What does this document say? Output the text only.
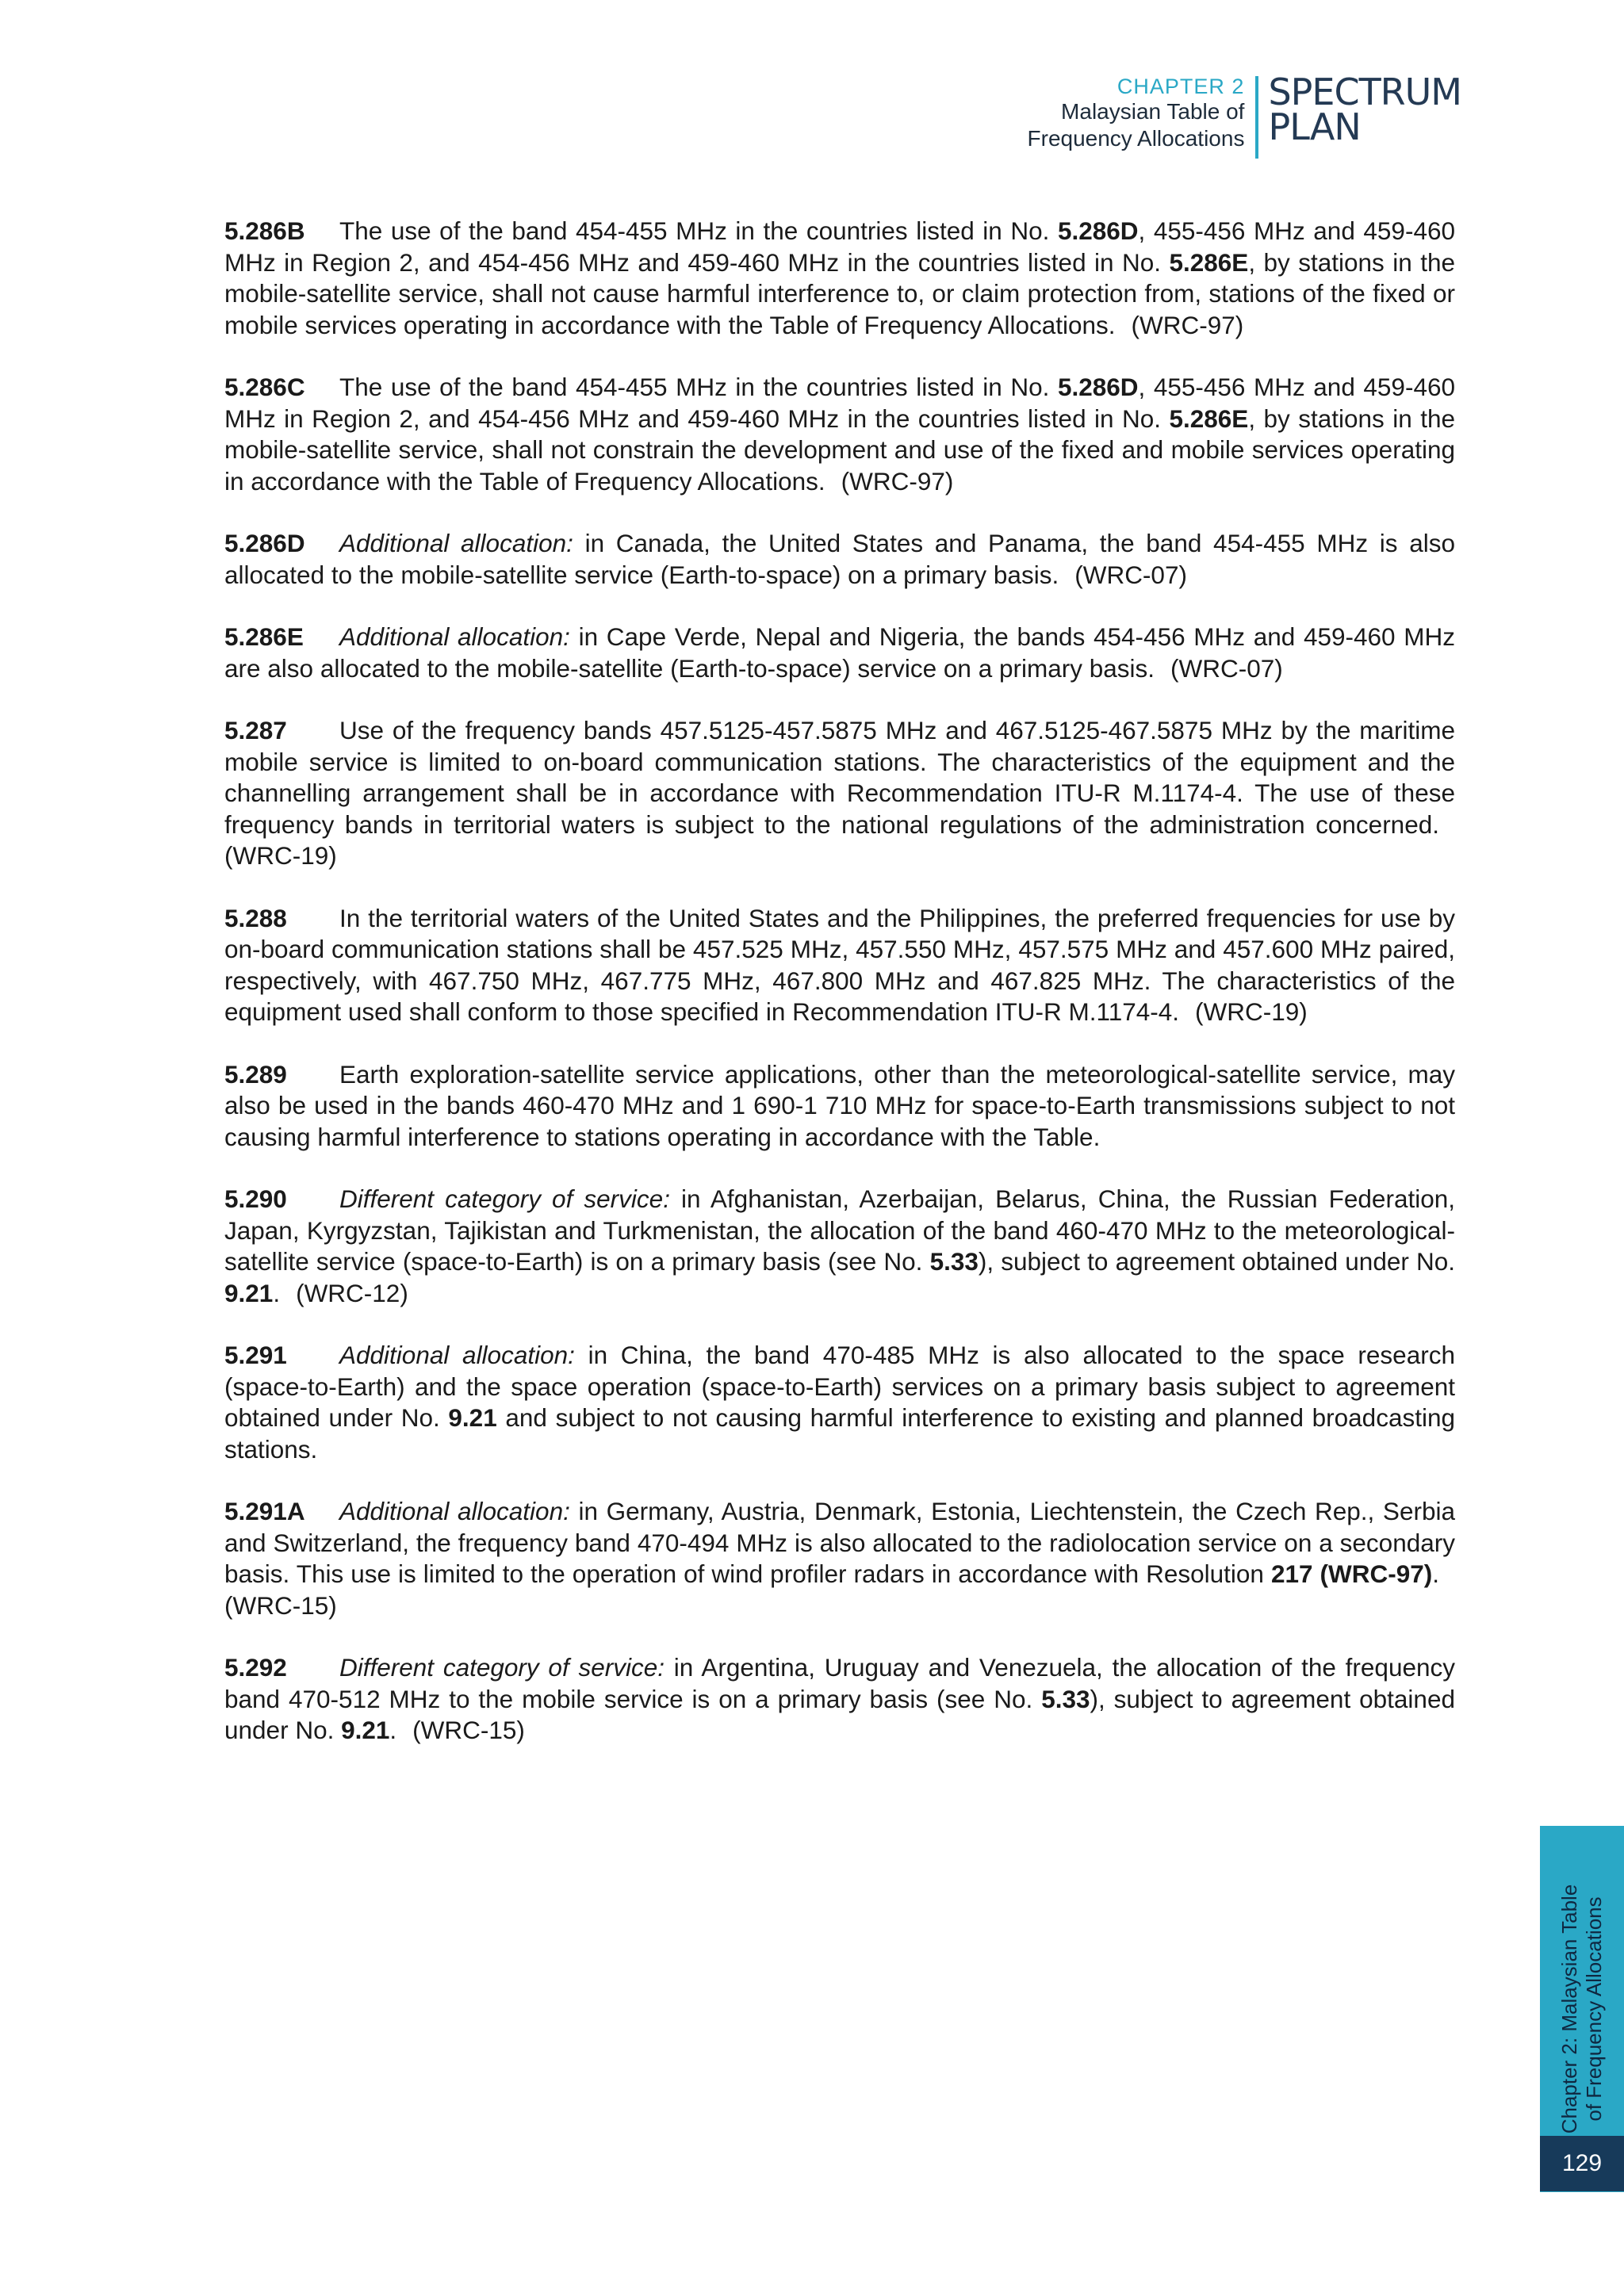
CHAPTER 2
Malaysian Table of
Frequency Allocations
SPECTRUM
PLAN

5.286B The use of the band 454-455 MHz in the countries listed in No. 5.286D, 455-456 MHz and 459-460 MHz in Region 2, and 454-456 MHz and 459-460 MHz in the countries listed in No. 5.286E, by stations in the mobile-satellite service, shall not cause harmful interference to, or claim protection from, stations of the fixed or mobile services operating in accordance with the Table of Frequency Allocations. (WRC-97)

5.286C The use of the band 454-455 MHz in the countries listed in No. 5.286D, 455-456 MHz and 459-460 MHz in Region 2, and 454-456 MHz and 459-460 MHz in the countries listed in No. 5.286E, by stations in the mobile-satellite service, shall not constrain the development and use of the fixed and mobile services operating in accordance with the Table of Frequency Allocations. (WRC-97)

5.286D Additional allocation: in Canada, the United States and Panama, the band 454-455 MHz is also allocated to the mobile-satellite service (Earth-to-space) on a primary basis. (WRC-07)

5.286E Additional allocation: in Cape Verde, Nepal and Nigeria, the bands 454-456 MHz and 459-460 MHz are also allocated to the mobile-satellite (Earth-to-space) service on a primary basis. (WRC-07)

5.287 Use of the frequency bands 457.5125-457.5875 MHz and 467.5125-467.5875 MHz by the maritime mobile service is limited to on-board communication stations. The characteristics of the equipment and the channelling arrangement shall be in accordance with Recommendation ITU-R M.1174-4. The use of these frequency bands in territorial waters is subject to the national regulations of the administration concerned.(WRC-19)

5.288 In the territorial waters of the United States and the Philippines, the preferred frequencies for use by on-board communication stations shall be 457.525 MHz, 457.550 MHz, 457.575 MHz and 457.600 MHz paired, respectively, with 467.750 MHz, 467.775 MHz, 467.800 MHz and 467.825 MHz. The characteristics of the equipment used shall conform to those specified in Recommendation ITU-R M.1174-4. (WRC-19)

5.289 Earth exploration-satellite service applications, other than the meteorological-satellite service, may also be used in the bands 460-470 MHz and 1 690-1 710 MHz for space-to-Earth transmissions subject to not causing harmful interference to stations operating in accordance with the Table.

5.290 Different category of service: in Afghanistan, Azerbaijan, Belarus, China, the Russian Federation, Japan, Kyrgyzstan, Tajikistan and Turkmenistan, the allocation of the band 460-470 MHz to the meteorological-satellite service (space-to-Earth) is on a primary basis (see No. 5.33), subject to agreement obtained under No. 9.21. (WRC-12)

5.291 Additional allocation: in China, the band 470-485 MHz is also allocated to the space research (space-to-Earth) and the space operation (space-to-Earth) services on a primary basis subject to agreement obtained under No. 9.21 and subject to not causing harmful interference to existing and planned broadcasting stations.

5.291A Additional allocation: in Germany, Austria, Denmark, Estonia, Liechtenstein, the Czech Rep., Serbia and Switzerland, the frequency band 470-494 MHz is also allocated to the radiolocation service on a secondary basis. This use is limited to the operation of wind profiler radars in accordance with Resolution 217 (WRC-97).(WRC-15)

5.292 Different category of service: in Argentina, Uruguay and Venezuela, the allocation of the frequency band 470-512 MHz to the mobile service is on a primary basis (see No. 5.33), subject to agreement obtained under No. 9.21. (WRC-15)

Chapter 2: Malaysian Table of Frequency Allocations
129
